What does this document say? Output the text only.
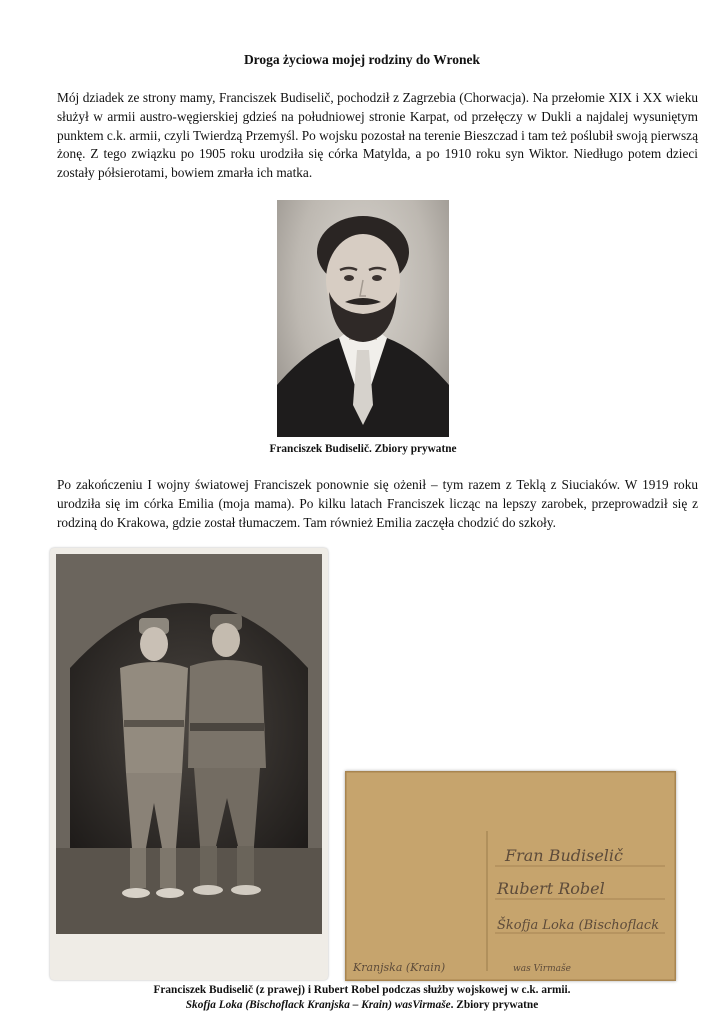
Droga życiowa mojej rodziny do Wronek

Mój dziadek ze strony mamy, Franciszek Budiselič, pochodził z Zagrzebia (Chorwacja). Na przełomie XIX i XX wieku służył w armii austro-węgierskiej gdzieś na południowej stronie Karpat, od przełęczy w Dukli a najdalej wysuniętym punktem c.k. armii, czyli Twierdzą Przemyśl. Po wojsku pozostał na terenie Bieszczad i tam też poślubił swoją pierwszą żonę. Z tego związku po 1905 roku urodziła się córka Matylda, a po 1910 roku syn Wiktor. Niedługo potem dzieci zostały półsierotami, bowiem zmarła ich matka.

Franciszek Budiselič. Zbiory prywatne

Po zakończeniu I wojny światowej Franciszek ponownie się ożenił – tym razem z Teklą z Siuciaków. W 1919 roku urodziła się im córka Emilia (moja mama). Po kilku latach Franciszek licząc na lepszy zarobek, przeprowadził się z rodziną do Krakowa, gdzie został tłumaczem. Tam również Emilia zaczęła chodzić do szkoły.

Fran Budiselič
Rubert Robel
Škofja Loka (Bischoflack
Kranjska (Krain)	was Virmaše
Franciszek Budiselič (z prawej) i Rubert Robel podczas służby wojskowej w c.k. armii.
Skofja Loka (Bischoflack Kranjska – Krain) wasVirmaše. Zbiory prywatne
